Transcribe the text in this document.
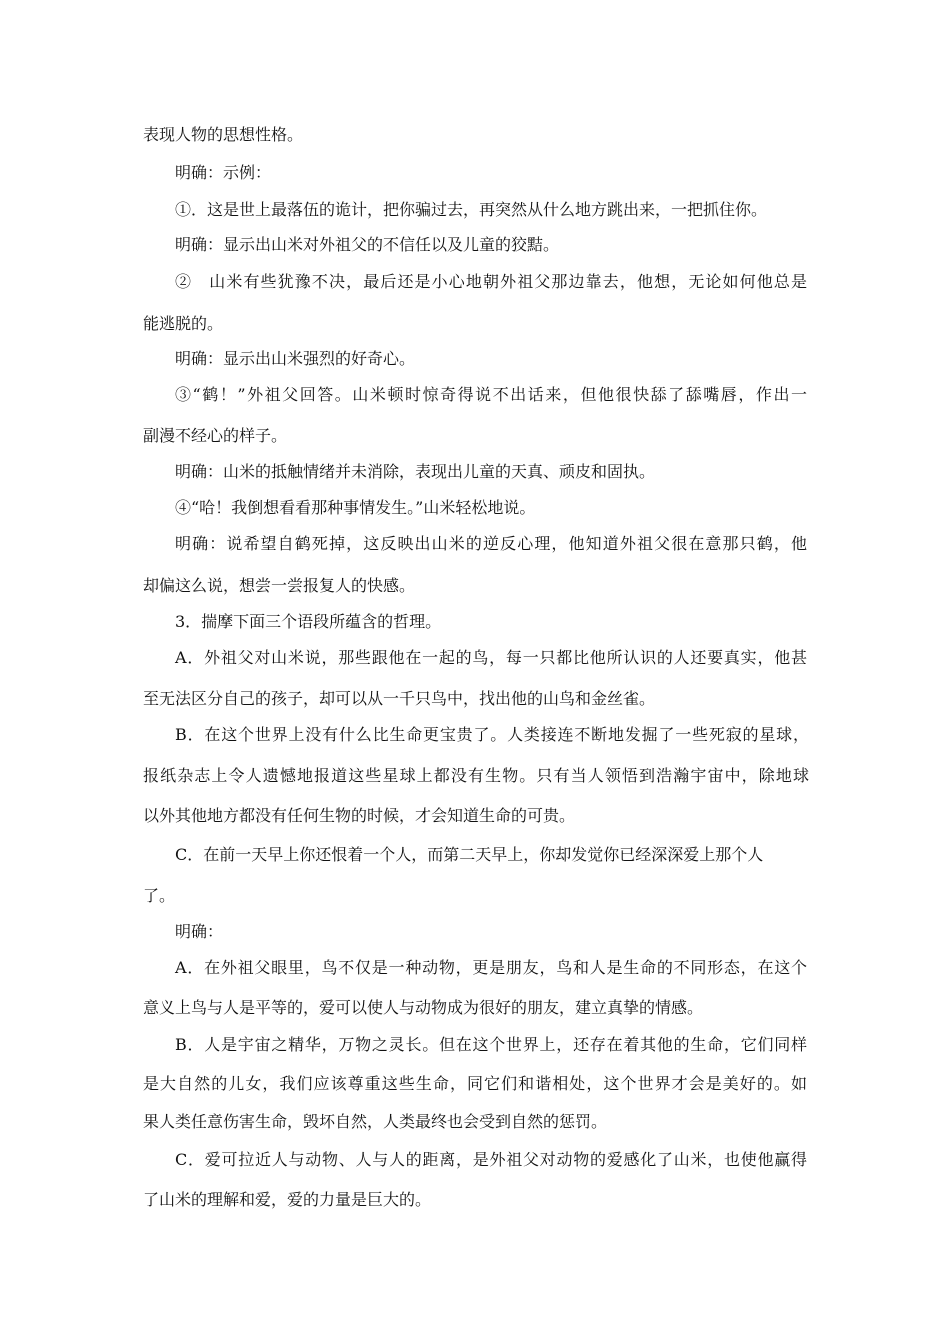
表现人物的思想性格。

明确：示例：

①．这是世上最落伍的诡计，把你骗过去，再突然从什么地方跳出来，一把抓住你。

明确：显示出山米对外祖父的不信任以及儿童的狡黠。

②　山米有些犹豫不决，最后还是小心地朝外祖父那边靠去，他想，无论如何他总是

能逃脱的。

明确：显示出山米强烈的好奇心。

③“鹤！”外祖父回答。山米顿时惊奇得说不出话来，但他很快舔了舔嘴唇，作出一

副漫不经心的样子。

明确：山米的抵触情绪并未消除，表现出儿童的天真、顽皮和固执。

④“哈！我倒想看看那种事情发生。”山米轻松地说。

明确：说希望自鹤死掉，这反映出山米的逆反心理，他知道外祖父很在意那只鹤，他

却偏这么说，想尝一尝报复人的快感。

3．揣摩下面三个语段所蕴含的哲理。

A．外祖父对山米说，那些跟他在一起的鸟，每一只都比他所认识的人还要真实，他甚

至无法区分自己的孩子，却可以从一千只鸟中，找出他的山鸟和金丝雀。

B．在这个世界上没有什么比生命更宝贵了。人类接连不断地发掘了一些死寂的星球，

报纸杂志上令人遗憾地报道这些星球上都没有生物。只有当人领悟到浩瀚宇宙中，除地球

以外其他地方都没有任何生物的时候，才会知道生命的可贵。

C．在前一天早上你还恨着一个人，而第二天早上，你却发觉你已经深深爱上那个人

了。

明确：

A．在外祖父眼里，鸟不仅是一种动物，更是朋友，鸟和人是生命的不同形态，在这个

意义上鸟与人是平等的，爱可以使人与动物成为很好的朋友，建立真挚的情感。

B．人是宇宙之精华，万物之灵长。但在这个世界上，还存在着其他的生命，它们同样

是大自然的儿女，我们应该尊重这些生命，同它们和谐相处，这个世界才会是美好的。如

果人类任意伤害生命，毁坏自然，人类最终也会受到自然的惩罚。

C．爱可拉近人与动物、人与人的距离，是外祖父对动物的爱感化了山米，也使他赢得

了山米的理解和爱，爱的力量是巨大的。
